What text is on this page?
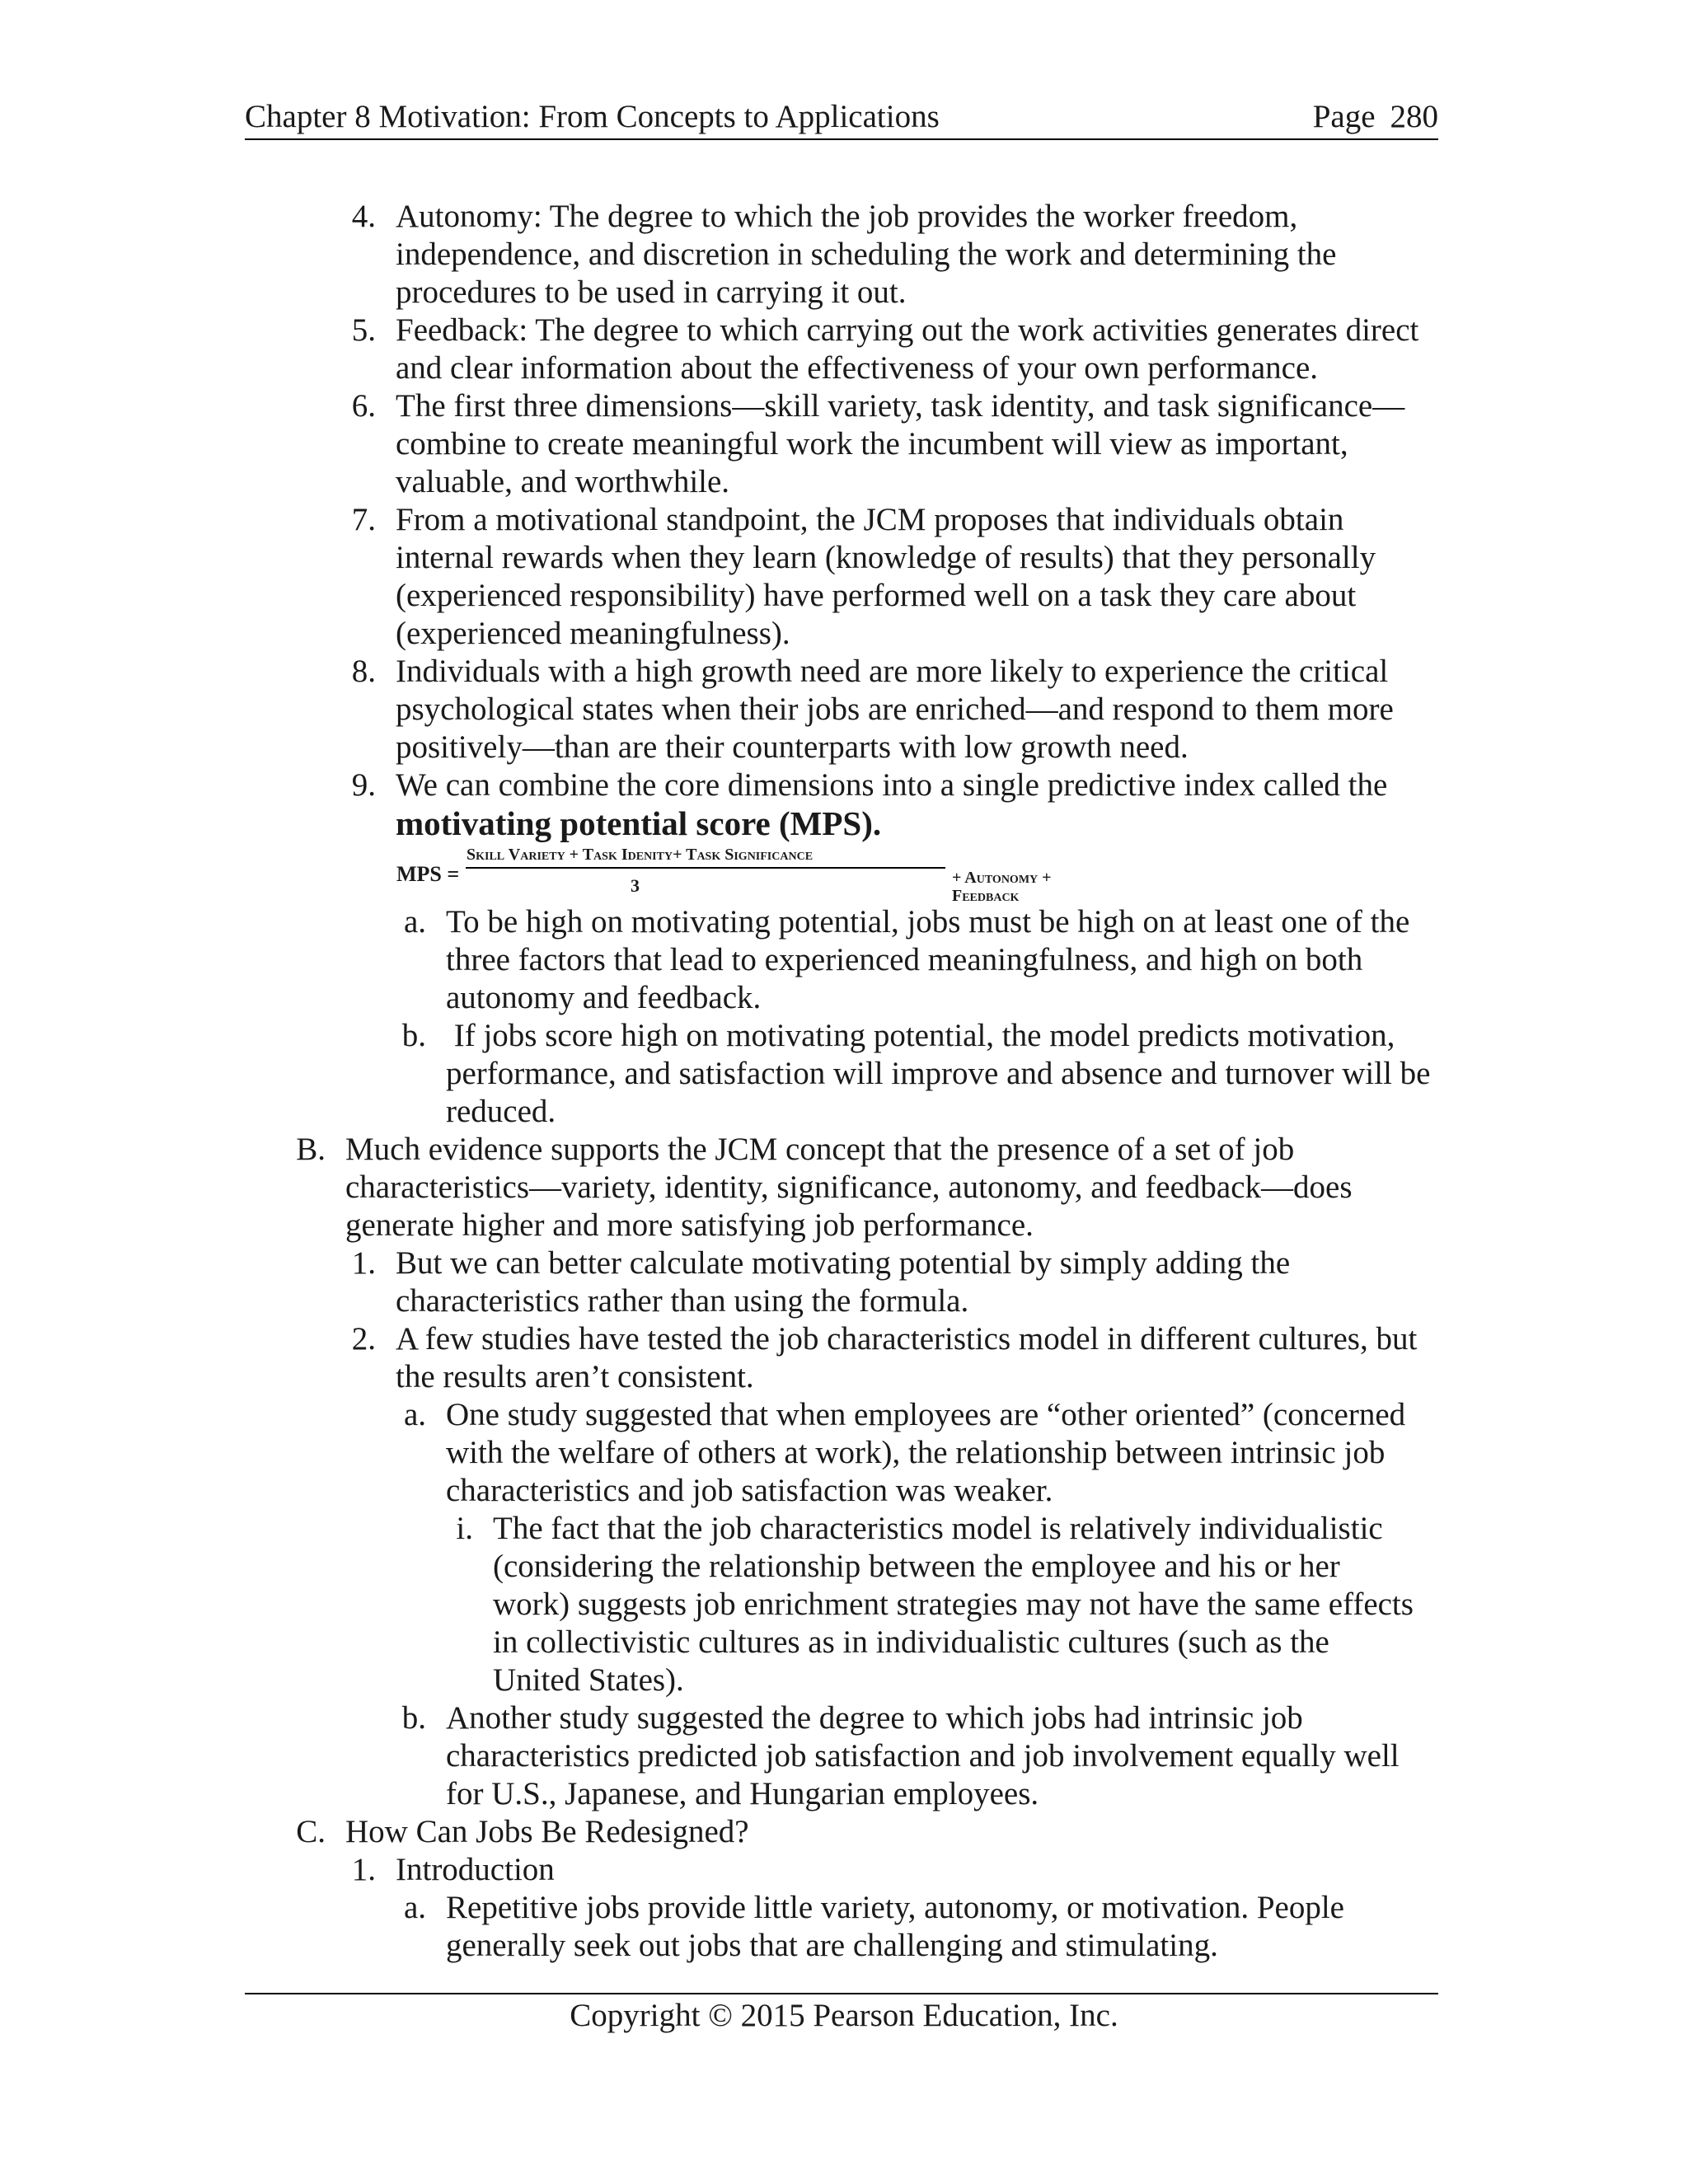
Chapter 8 Motivation: From Concepts to Applications	Page 280
4. Autonomy: The degree to which the job provides the worker freedom, independence, and discretion in scheduling the work and determining the procedures to be used in carrying it out.
5. Feedback: The degree to which carrying out the work activities generates direct and clear information about the effectiveness of your own performance.
6. The first three dimensions—skill variety, task identity, and task significance—combine to create meaningful work the incumbent will view as important, valuable, and worthwhile.
7. From a motivational standpoint, the JCM proposes that individuals obtain internal rewards when they learn (knowledge of results) that they personally (experienced responsibility) have performed well on a task they care about (experienced meaningfulness).
8. Individuals with a high growth need are more likely to experience the critical psychological states when their jobs are enriched—and respond to them more positively—than are their counterparts with low growth need.
9. We can combine the core dimensions into a single predictive index called the
motivating potential score (MPS).
MPS =
Skill Variety + Task Idenity+ Task Significance
3	+ Autonomy + Feedback
a. To be high on motivating potential, jobs must be high on at least one of the three factors that lead to experienced meaningfulness, and high on both autonomy and feedback.
b. If jobs score high on motivating potential, the model predicts motivation, performance, and satisfaction will improve and absence and turnover will be reduced.
B. Much evidence supports the JCM concept that the presence of a set of job characteristics—variety, identity, significance, autonomy, and feedback—does generate higher and more satisfying job performance.
1. But we can better calculate motivating potential by simply adding the characteristics rather than using the formula.
2. A few studies have tested the job characteristics model in different cultures, but the results aren’t consistent.
a. One study suggested that when employees are “other oriented” (concerned with the welfare of others at work), the relationship between intrinsic job characteristics and job satisfaction was weaker.
i. The fact that the job characteristics model is relatively individualistic (considering the relationship between the employee and his or her work) suggests job enrichment strategies may not have the same effects in collectivistic cultures as in individualistic cultures (such as the United States).
b. Another study suggested the degree to which jobs had intrinsic job characteristics predicted job satisfaction and job involvement equally well for U.S., Japanese, and Hungarian employees.
C. How Can Jobs Be Redesigned?
1. Introduction
a. Repetitive jobs provide little variety, autonomy, or motivation. People generally seek out jobs that are challenging and stimulating.
Copyright © 2015 Pearson Education, Inc.
